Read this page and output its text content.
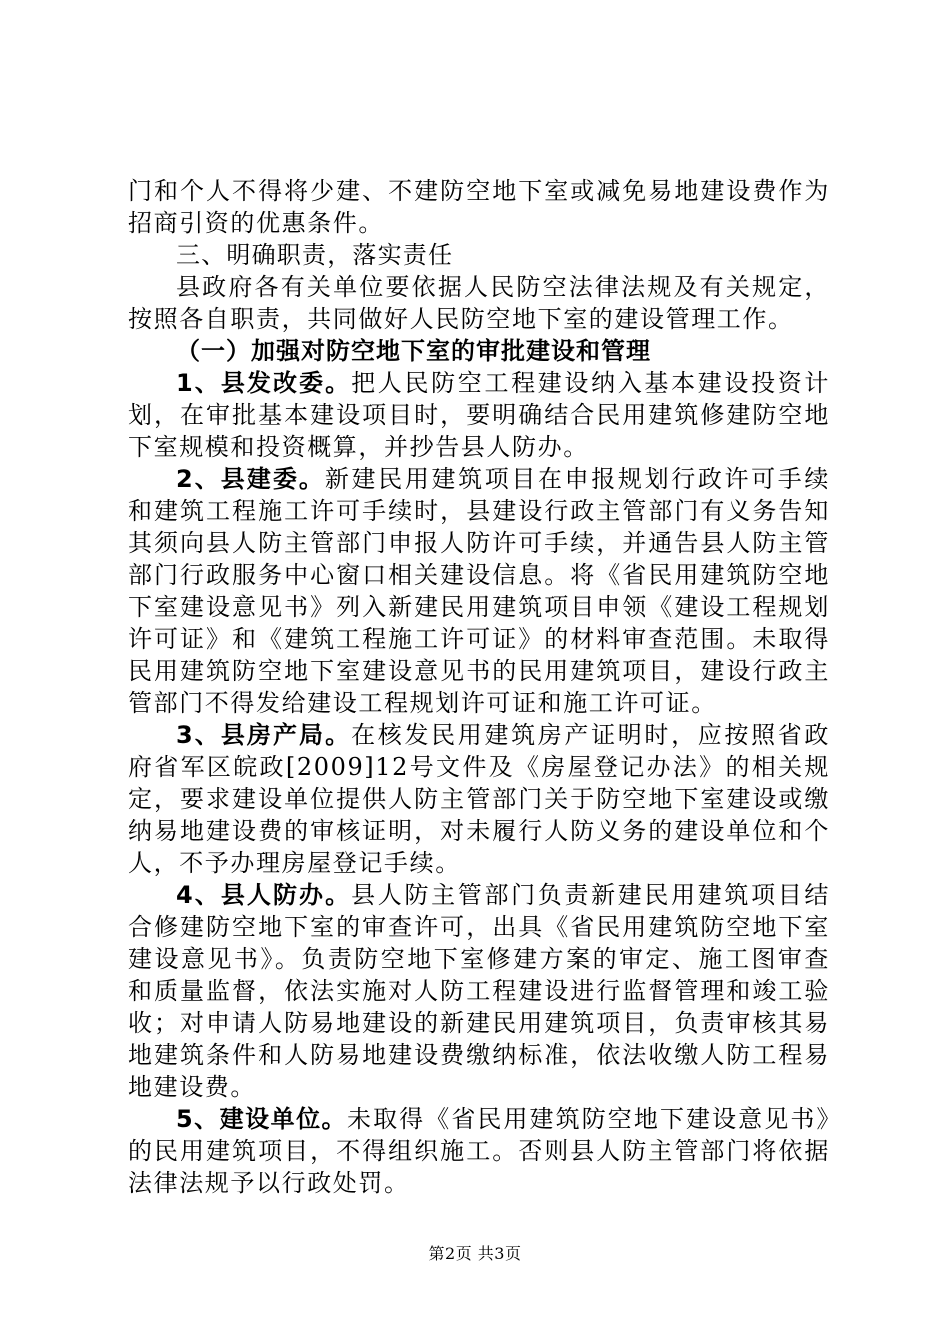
门和个人不得将少建、不建防空地下室或减免易地建设费作为招商引资的优惠条件。

三、明确职责，落实责任

县政府各有关单位要依据人民防空法律法规及有关规定，按照各自职责，共同做好人民防空地下室的建设管理工作。

（一）加强对防空地下室的审批建设和管理

1、县发改委。把人民防空工程建设纳入基本建设投资计划，在审批基本建设项目时，要明确结合民用建筑修建防空地下室规模和投资概算，并抄告县人防办。

2、县建委。新建民用建筑项目在申报规划行政许可手续和建筑工程施工许可手续时，县建设行政主管部门有义务告知其须向县人防主管部门申报人防许可手续，并通告县人防主管部门行政服务中心窗口相关建设信息。将《省民用建筑防空地下室建设意见书》列入新建民用建筑项目申领《建设工程规划许可证》和《建筑工程施工许可证》的材料审查范围。未取得民用建筑防空地下室建设意见书的民用建筑项目，建设行政主管部门不得发给建设工程规划许可证和施工许可证。

3、县房产局。在核发民用建筑房产证明时，应按照省政府省军区皖政[2009]12号文件及《房屋登记办法》的相关规定，要求建设单位提供人防主管部门关于防空地下室建设或缴纳易地建设费的审核证明，对未履行人防义务的建设单位和个人，不予办理房屋登记手续。

4、县人防办。县人防主管部门负责新建民用建筑项目结合修建防空地下室的审查许可，出具《省民用建筑防空地下室建设意见书》。负责防空地下室修建方案的审定、施工图审查和质量监督，依法实施对人防工程建设进行监督管理和竣工验收；对申请人防易地建设的新建民用建筑项目，负责审核其易地建筑条件和人防易地建设费缴纳标准，依法收缴人防工程易地建设费。

5、建设单位。未取得《省民用建筑防空地下建设意见书》的民用建筑项目，不得组织施工。否则县人防主管部门将依据法律法规予以行政处罚。

第2页 共3页
